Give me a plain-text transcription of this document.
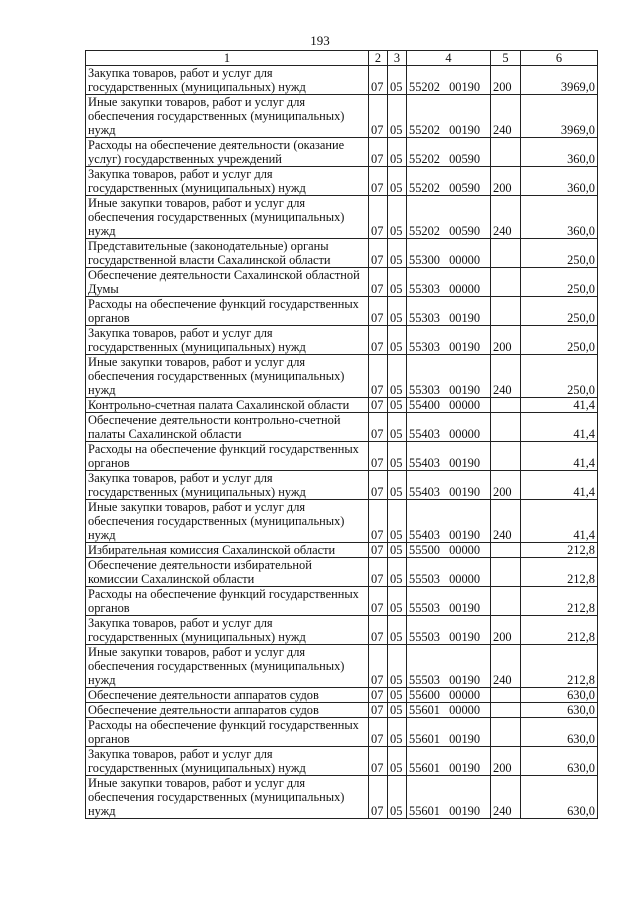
193
1	2	3	4	5	6

Закупка товаров, работ и услуг для
государственных (муниципальных) нужд	07	05	55202 00190	200	3969,0

Иные закупки товаров, работ и услуг для
обеспечения государственных (муниципальных)
нужд	07	05	55202 00190	240	3969,0

Расходы на обеспечение деятельности (оказание
услуг) государственных учреждений	07	05	55202 00590		360,0

Закупка товаров, работ и услуг для
государственных (муниципальных) нужд	07	05	55202 00590	200	360,0

Иные закупки товаров, работ и услуг для
обеспечения государственных (муниципальных)
нужд	07	05	55202 00590	240	360,0

Представительные (законодательные) органы
государственной власти Сахалинской области	07	05	55300 00000		250,0

Обеспечение деятельности Сахалинской областной
Думы	07	05	55303 00000		250,0

Расходы на обеспечение функций государственных
органов	07	05	55303 00190		250,0

Закупка товаров, работ и услуг для
государственных (муниципальных) нужд	07	05	55303 00190	200	250,0

Иные закупки товаров, работ и услуг для
обеспечения государственных (муниципальных)
нужд	07	05	55303 00190	240	250,0

Контрольно-счетная палата Сахалинской области	07	05	55400 00000		41,4

Обеспечение деятельности контрольно-счетной
палаты Сахалинской области	07	05	55403 00000		41,4

Расходы на обеспечение функций государственных
органов	07	05	55403 00190		41,4

Закупка товаров, работ и услуг для
государственных (муниципальных) нужд	07	05	55403 00190	200	41,4

Иные закупки товаров, работ и услуг для
обеспечения государственных (муниципальных)
нужд	07	05	55403 00190	240	41,4

Избирательная комиссия Сахалинской области	07	05	55500 00000		212,8

Обеспечение деятельности избирательной
комиссии Сахалинской области	07	05	55503 00000		212,8

Расходы на обеспечение функций государственных
органов	07	05	55503 00190		212,8

Закупка товаров, работ и услуг для
государственных (муниципальных) нужд	07	05	55503 00190	200	212,8

Иные закупки товаров, работ и услуг для
обеспечения государственных (муниципальных)
нужд	07	05	55503 00190	240	212,8

Обеспечение деятельности аппаратов судов	07	05	55600 00000		630,0

Обеспечение деятельности аппаратов судов	07	05	55601 00000		630,0

Расходы на обеспечение функций государственных
органов	07	05	55601 00190		630,0

Закупка товаров, работ и услуг для
государственных (муниципальных) нужд	07	05	55601 00190	200	630,0

Иные закупки товаров, работ и услуг для
обеспечения государственных (муниципальных)
нужд	07	05	55601 00190	240	630,0
